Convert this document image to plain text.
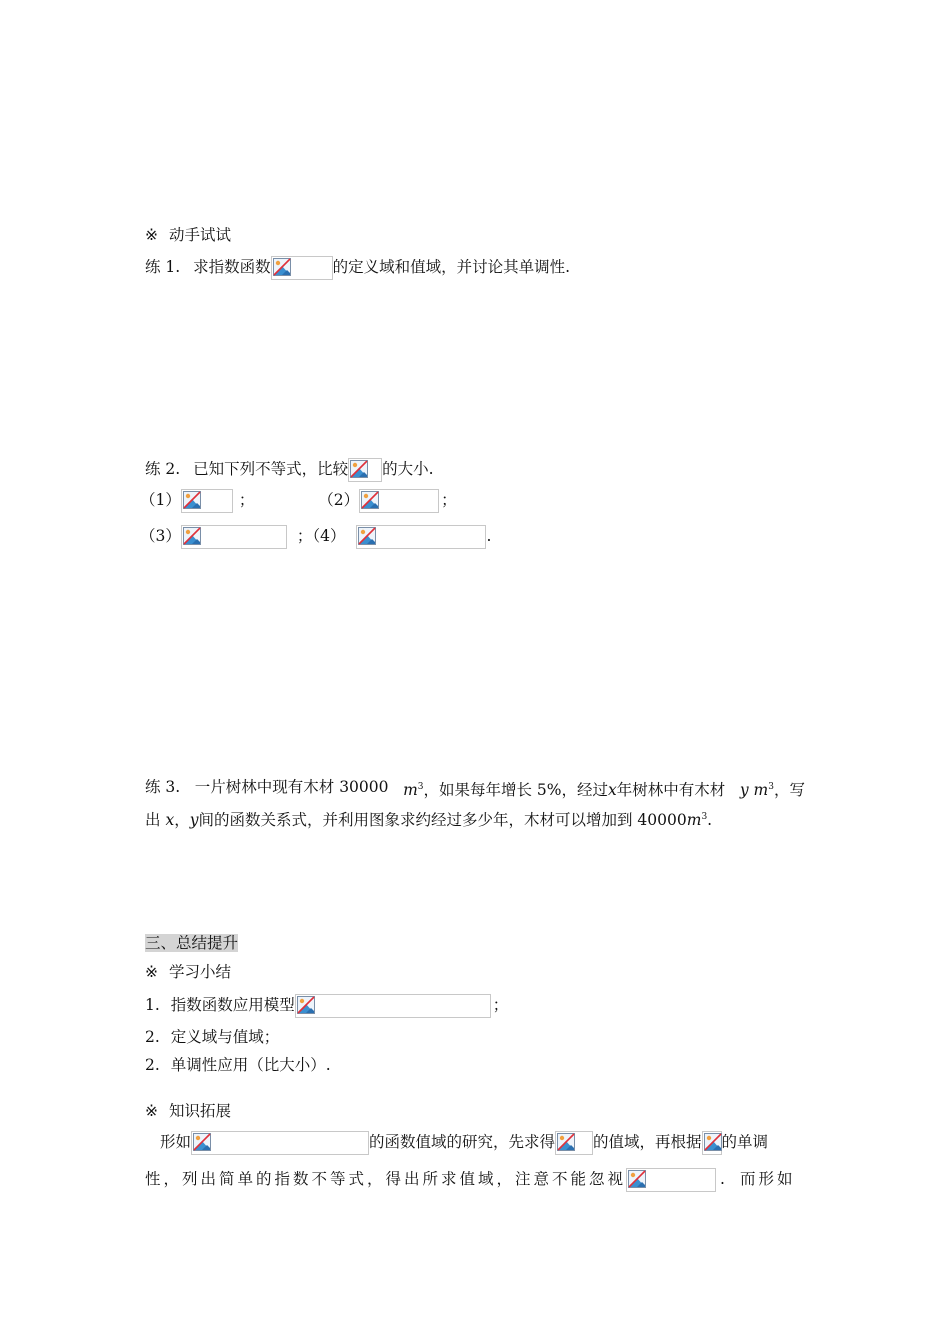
※ 动手试试
练 1. 求指数函数	的定义域和值域，并讨论其单调性.
练 2. 已知下列不等式，比较 的大小.
（1）	；	（2）	；
（3）	；（4）	.
练 3. 一片树林中现有木材 30000 $m^3$，如果每年增长 5%，经过x年树林中有木材 y $m^3$，写
出 x，y间的函数关系式，并利用图象求约经过多少年，木材可以增加到 $40000m^3$.
三、总结提升
※ 学习小结
1. 指数函数应用模型	；
2. 定义域与值域；
2. 单调性应用（比大小）.
※ 知识拓展
形如	的函数值域的研究，先求得 的值域，再根据 的单调
性，列出简单的指数不等式，得出所求值域，注意不能忽视	. 而形如
